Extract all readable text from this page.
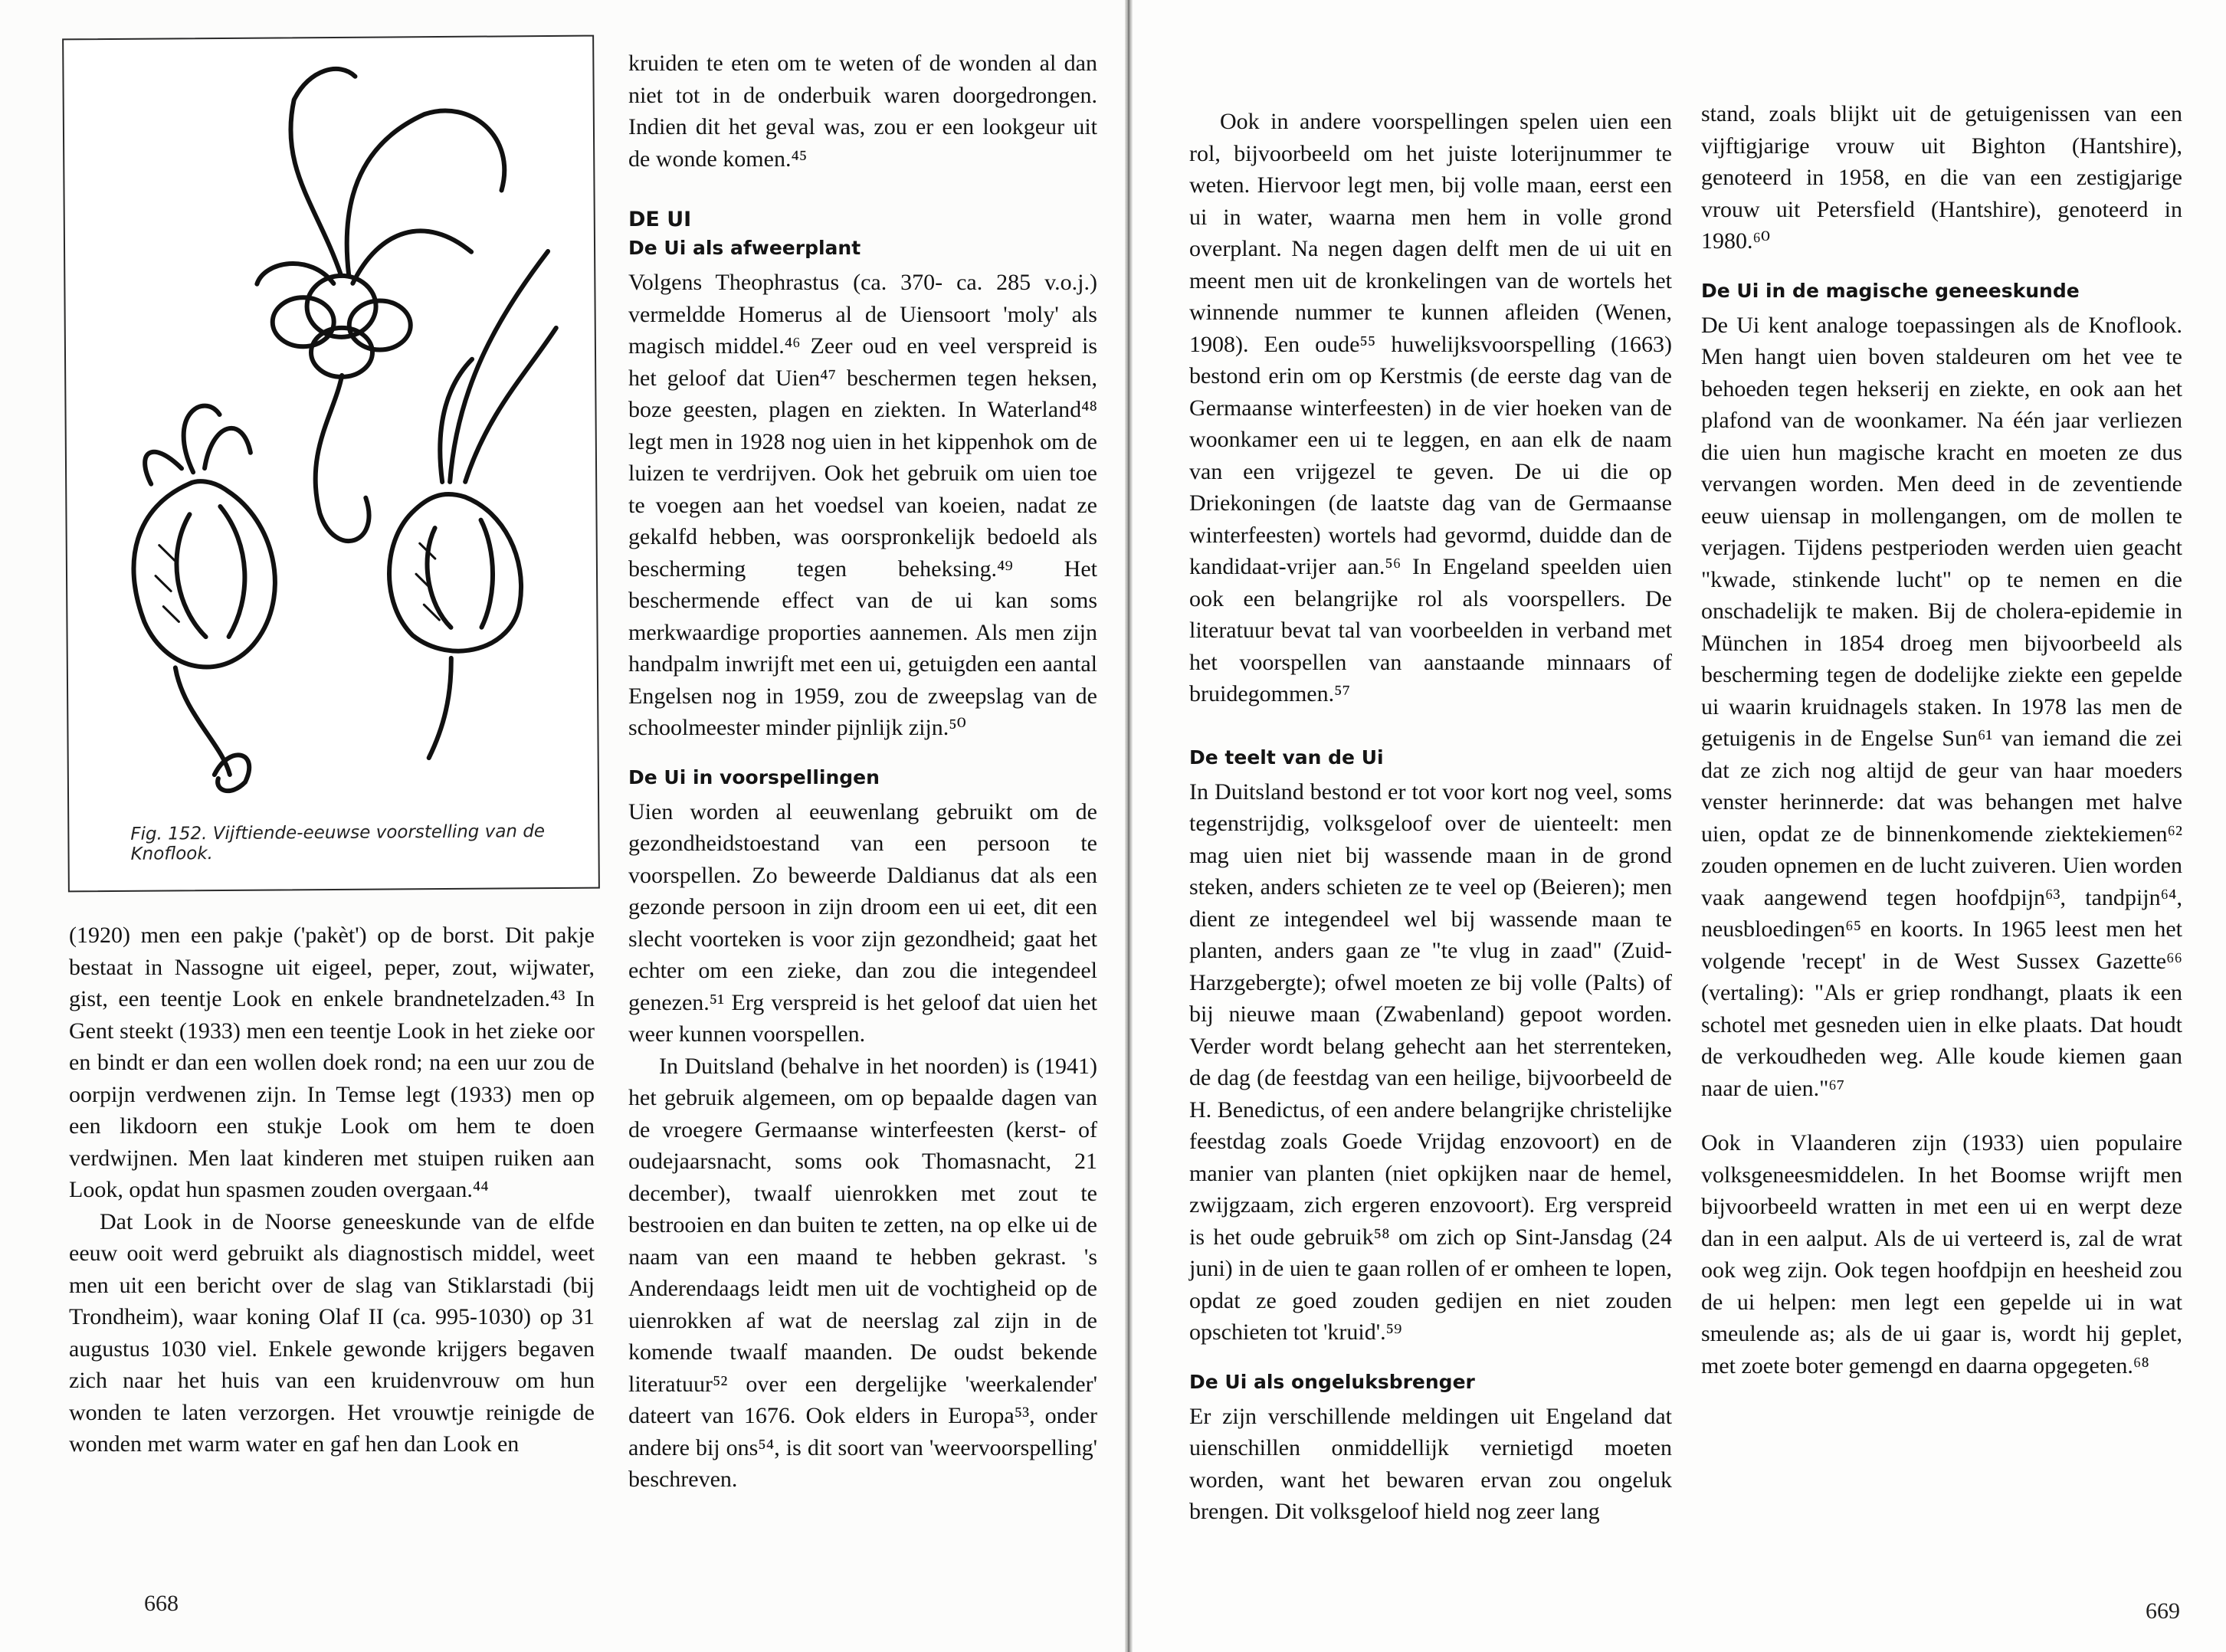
Fig. 152. Vijftiende-eeuwse voorstelling van de Knoflook.

(1920) men een pakje ('pakèt') op de borst. Dit pakje bestaat in Nassogne uit eigeel, peper, zout, wijwater, gist, een teentje Look en enkele brandnetelzaden.⁴³ In Gent steekt (1933) men een teentje Look in het zieke oor en bindt er dan een wollen doek rond; na een uur zou de oorpijn verdwenen zijn. In Temse legt (1933) men op een likdoorn een stukje Look om hem te doen verdwijnen. Men laat kinderen met stuipen ruiken aan Look, opdat hun spasmen zouden overgaan.⁴⁴

Dat Look in de Noorse geneeskunde van de elfde eeuw ooit werd gebruikt als diagnostisch middel, weet men uit een bericht over de slag van Stiklarstadi (bij Trondheim), waar koning Olaf II (ca. 995-1030) op 31 augustus 1030 viel. Enkele gewonde krijgers begaven zich naar het huis van een kruidenvrouw om hun wonden te laten verzorgen. Het vrouwtje reinigde de wonden met warm water en gaf hen dan Look en

kruiden te eten om te weten of de wonden al dan niet tot in de onderbuik waren doorgedrongen. Indien dit het geval was, zou er een lookgeur uit de wonde komen.⁴⁵

DE UI
De Ui als afweerplant

Volgens Theophrastus (ca. 370- ca. 285 v.o.j.) vermeldde Homerus al de Uiensoort 'moly' als magisch middel.⁴⁶ Zeer oud en veel verspreid is het geloof dat Uien⁴⁷ beschermen tegen heksen, boze geesten, plagen en ziekten. In Waterland⁴⁸ legt men in 1928 nog uien in het kippenhok om de luizen te verdrijven. Ook het gebruik om uien toe te voegen aan het voedsel van koeien, nadat ze gekalfd hebben, was oorspronkelijk bedoeld als bescherming tegen beheksing.⁴⁹ Het beschermende effect van de ui kan soms merkwaardige proporties aannemen. Als men zijn handpalm inwrijft met een ui, getuigden een aantal Engelsen nog in 1959, zou de zweepslag van de schoolmeester minder pijnlijk zijn.⁵⁰

De Ui in voorspellingen

Uien worden al eeuwenlang gebruikt om de gezondheidstoestand van een persoon te voorspellen. Zo beweerde Daldianus dat als een gezonde persoon in zijn droom een ui eet, dit een slecht voorteken is voor zijn gezondheid; gaat het echter om een zieke, dan zou die integendeel genezen.⁵¹ Erg verspreid is het geloof dat uien het weer kunnen voorspellen.

In Duitsland (behalve in het noorden) is (1941) het gebruik algemeen, om op bepaalde dagen van de vroegere Germaanse winterfeesten (kerst- of oudejaarsnacht, soms ook Thomasnacht, 21 december), twaalf uienrokken met zout te bestrooien en dan buiten te zetten, na op elke ui de naam van een maand te hebben gekrast. 's Anderendaags leidt men uit de vochtigheid op de uienrokken af wat de neerslag zal zijn in de komende twaalf maanden. De oudst bekende literatuur⁵² over een dergelijke 'weerkalender' dateert van 1676. Ook elders in Europa⁵³, onder andere bij ons⁵⁴, is dit soort van 'weervoorspelling' beschreven.

668

Ook in andere voorspellingen spelen uien een rol, bijvoorbeeld om het juiste loterijnummer te weten. Hiervoor legt men, bij volle maan, eerst een ui in water, waarna men hem in volle grond overplant. Na negen dagen delft men de ui uit en meent men uit de kronkelingen van de wortels het winnende nummer te kunnen afleiden (Wenen, 1908). Een oude⁵⁵ huwelijksvoorspelling (1663) bestond erin om op Kerstmis (de eerste dag van de Germaanse winterfeesten) in de vier hoeken van de woonkamer een ui te leggen, en aan elk de naam van een vrijgezel te geven. De ui die op Driekoningen (de laatste dag van de Germaanse winterfeesten) wortels had gevormd, duidde dan de kandidaat-vrijer aan.⁵⁶ In Engeland speelden uien ook een belangrijke rol als voorspellers. De literatuur bevat tal van voorbeelden in verband met het voorspellen van aanstaande minnaars of bruidegommen.⁵⁷

De teelt van de Ui

In Duitsland bestond er tot voor kort nog veel, soms tegenstrijdig, volksgeloof over de uienteelt: men mag uien niet bij wassende maan in de grond steken, anders schieten ze te veel op (Beieren); men dient ze integendeel wel bij wassende maan te planten, anders gaan ze "te vlug in zaad" (Zuid-Harzgebergte); ofwel moeten ze bij volle (Palts) of bij nieuwe maan (Zwabenland) gepoot worden. Verder wordt belang gehecht aan het sterrenteken, de dag (de feestdag van een heilige, bijvoorbeeld de H. Benedictus, of een andere belangrijke christelijke feestdag zoals Goede Vrijdag enzovoort) en de manier van planten (niet opkijken naar de hemel, zwijgzaam, zich ergeren enzovoort). Erg verspreid is het oude gebruik⁵⁸ om zich op Sint-Jansdag (24 juni) in de uien te gaan rollen of er omheen te lopen, opdat ze goed zouden gedijen en niet zouden opschieten tot 'kruid'.⁵⁹

De Ui als ongeluksbrenger

Er zijn verschillende meldingen uit Engeland dat uienschillen onmiddellijk vernietigd moeten worden, want het bewaren ervan zou ongeluk brengen. Dit volksgeloof hield nog zeer lang

stand, zoals blijkt uit de getuigenissen van een vijftigjarige vrouw uit Bighton (Hantshire), genoteerd in 1958, en die van een zestigjarige vrouw uit Petersfield (Hantshire), genoteerd in 1980.⁶⁰

De Ui in de magische geneeskunde

De Ui kent analoge toepassingen als de Knoflook. Men hangt uien boven staldeuren om het vee te behoeden tegen hekserij en ziekte, en ook aan het plafond van de woonkamer. Na één jaar verliezen die uien hun magische kracht en moeten ze dus vervangen worden. Men deed in de zeventiende eeuw uiensap in mollengangen, om de mollen te verjagen. Tijdens pestperioden werden uien geacht "kwade, stinkende lucht" op te nemen en die onschadelijk te maken. Bij de cholera-epidemie in München in 1854 droeg men bijvoorbeeld als bescherming tegen de dodelijke ziekte een gepelde ui waarin kruidnagels staken. In 1978 las men de getuigenis in de Engelse Sun⁶¹ van iemand die zei dat ze zich nog altijd de geur van haar moeders venster herinnerde: dat was behangen met halve uien, opdat ze de binnenkomende ziektekiemen⁶² zouden opnemen en de lucht zuiveren. Uien worden vaak aangewend tegen hoofdpijn⁶³, tandpijn⁶⁴, neusbloedingen⁶⁵ en koorts. In 1965 leest men het volgende 'recept' in de West Sussex Gazette⁶⁶ (vertaling): "Als er griep rondhangt, plaats ik een schotel met gesneden uien in elke plaats. Dat houdt de verkoudheden weg. Alle koude kiemen gaan naar de uien."⁶⁷

Ook in Vlaanderen zijn (1933) uien populaire volksgeneesmiddelen. In het Boomse wrijft men bijvoorbeeld wratten in met een ui en werpt deze dan in een aalput. Als de ui verteerd is, zal de wrat ook weg zijn. Ook tegen hoofdpijn en heesheid zou de ui helpen: men legt een gepelde ui in wat smeulende as; als de ui gaar is, wordt hij geplet, met zoete boter gemengd en daarna opgegeten.⁶⁸

669
